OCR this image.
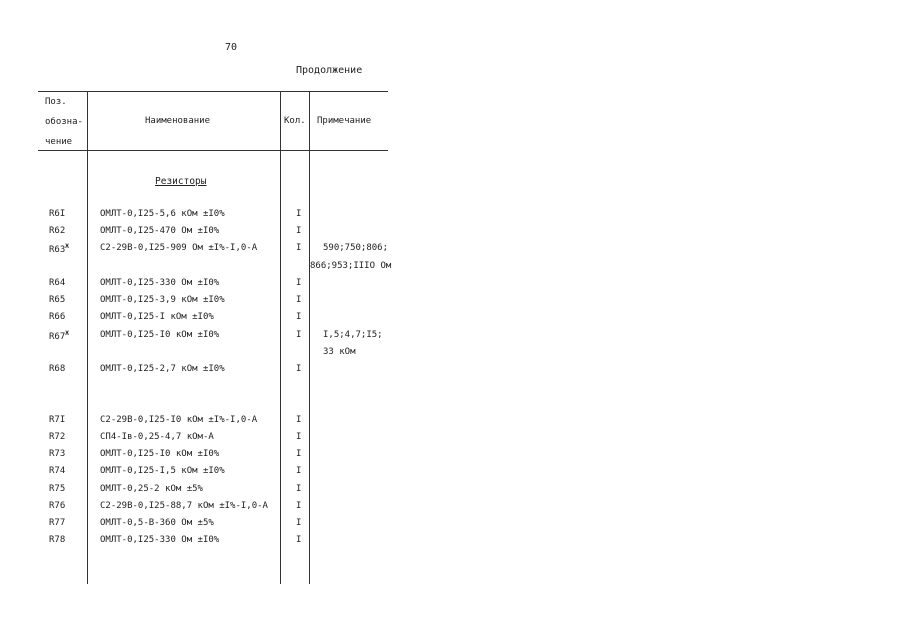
70
Продолжение
Поз.
обозна-
чение
Наименование	Кол. Примечание
Резисторы
R6I	ОМЛТ-0,I25-5,6 кОм ±I0%	I
R62	ОМЛТ-0,I25-470 Ом ±I0%	I
$R63^Ж$	С2-29В-0,I25-909 Ом ±I%-I,0-А	I 590;750;806;
866;953;IIIO Ом
R64	ОМЛТ-0,I25-330 Ом ±I0%	I
R65	ОМЛТ-0,I25-3,9 кОм ±I0%	I
R66	ОМЛТ-0,I25-I кОм ±I0%	I
$R67^Ж$	ОМЛТ-0,I25-I0 кОм ±I0%	I I,5;4,7;I5;
33 кОм
R68	ОМЛТ-0,I25-2,7 кОм ±I0%	I
R7I	С2-29В-0,I25-I0 кОм ±I%-I,0-А	I
R72	СП4-Iв-0,25-4,7 кОм-А	I
R73	ОМЛТ-0,I25-I0 кОм ±I0%	I
R74	ОМЛТ-0,I25-I,5 кОм ±I0%	I
R75	ОМЛТ-0,25-2 кОм ±5%	I
R76	С2-29В-0,I25-88,7 кОм ±I%-I,0-А	I
R77	ОМЛТ-0,5-В-360 Ом ±5%	I
R78	ОМЛТ-0,I25-330 Ом ±I0%	I
